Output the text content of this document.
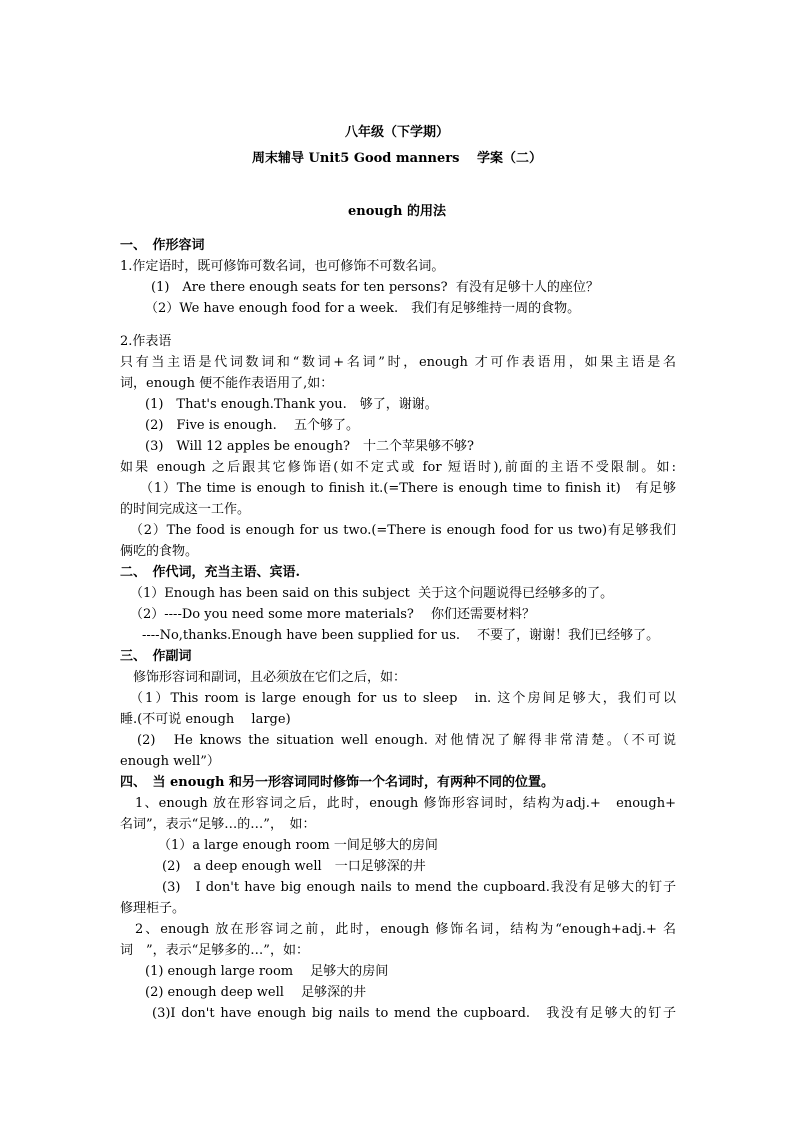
八年级（下学期）
周末辅导 Unit5 Good manners　 学案（二）
enough 的用法
一、　作形容词
1.作定语时，既可修饰可数名词，也可修饰不可数名词。
(1)　Are there enough seats for ten persons?  有没有足够十人的座位？
（2）We have enough food for a week.　我们有足够维持一周的食物。
2.作表语
只有当主语是代词数词和“数词+名词”时，enough 才可作表语用，如果主语是名
词，enough 便不能作表语用了,如：
(1)　That's enough.Thank you.　够了，谢谢。
(2)　Five is enough.　 五个够了。
(3)　Will 12 apples be enough?　十二个苹果够不够?
如果 enough 之后跟其它修饰语(如不定式或 for 短语时),前面的主语不受限制。如:
（1）The time is enough to finish it.(=There is enough time to finish it)　有足够
的时间完成这一工作。
（2）The food is enough for us two.(=There is enough food for us two)有足够我们
俩吃的食物。
二、　作代词，充当主语、宾语.
（1）Enough has been said on this subject  关于这个问题说得已经够多的了。
（2）----Do you need some more materials?　 你们还需要材料？
----No,thanks.Enough have been supplied for us.　 不要了，谢谢！我们已经够了。
三、　作副词
修饰形容词和副词，且必须放在它们之后，如：
（1）This room is large enough for us to sleep　in. 这个房间足够大，我们可以
睡.(不可说 enough　 large)
(2)　He knows the situation well enough. 对他情况了解得非常清楚。（不可说
enough well”）
四、　当 enough 和另一形容词同时修饰一个名词时，有两种不同的位置。
1、enough 放在形容词之后，此时，enough 修饰形容词时，结构为adj.+　enough+
名词”，表示“足够…的…”，　如：
（1）a large enough room 一间足够大的房间
(2)　a deep enough well　一口足够深的井
(3)　I don't have big enough nails to mend the cupboard.我没有足够大的钉子
修理柜子。
2、enough 放在形容词之前，此时，enough 修饰名词，结构为“enough+adj.+ 名
词　”，表示“足够多的…”，如：
(1) enough large room　 足够大的房间
(2) enough deep well　 足够深的井
(3)I don't have enough big nails to mend the cupboard.　我没有足够大的钉子
